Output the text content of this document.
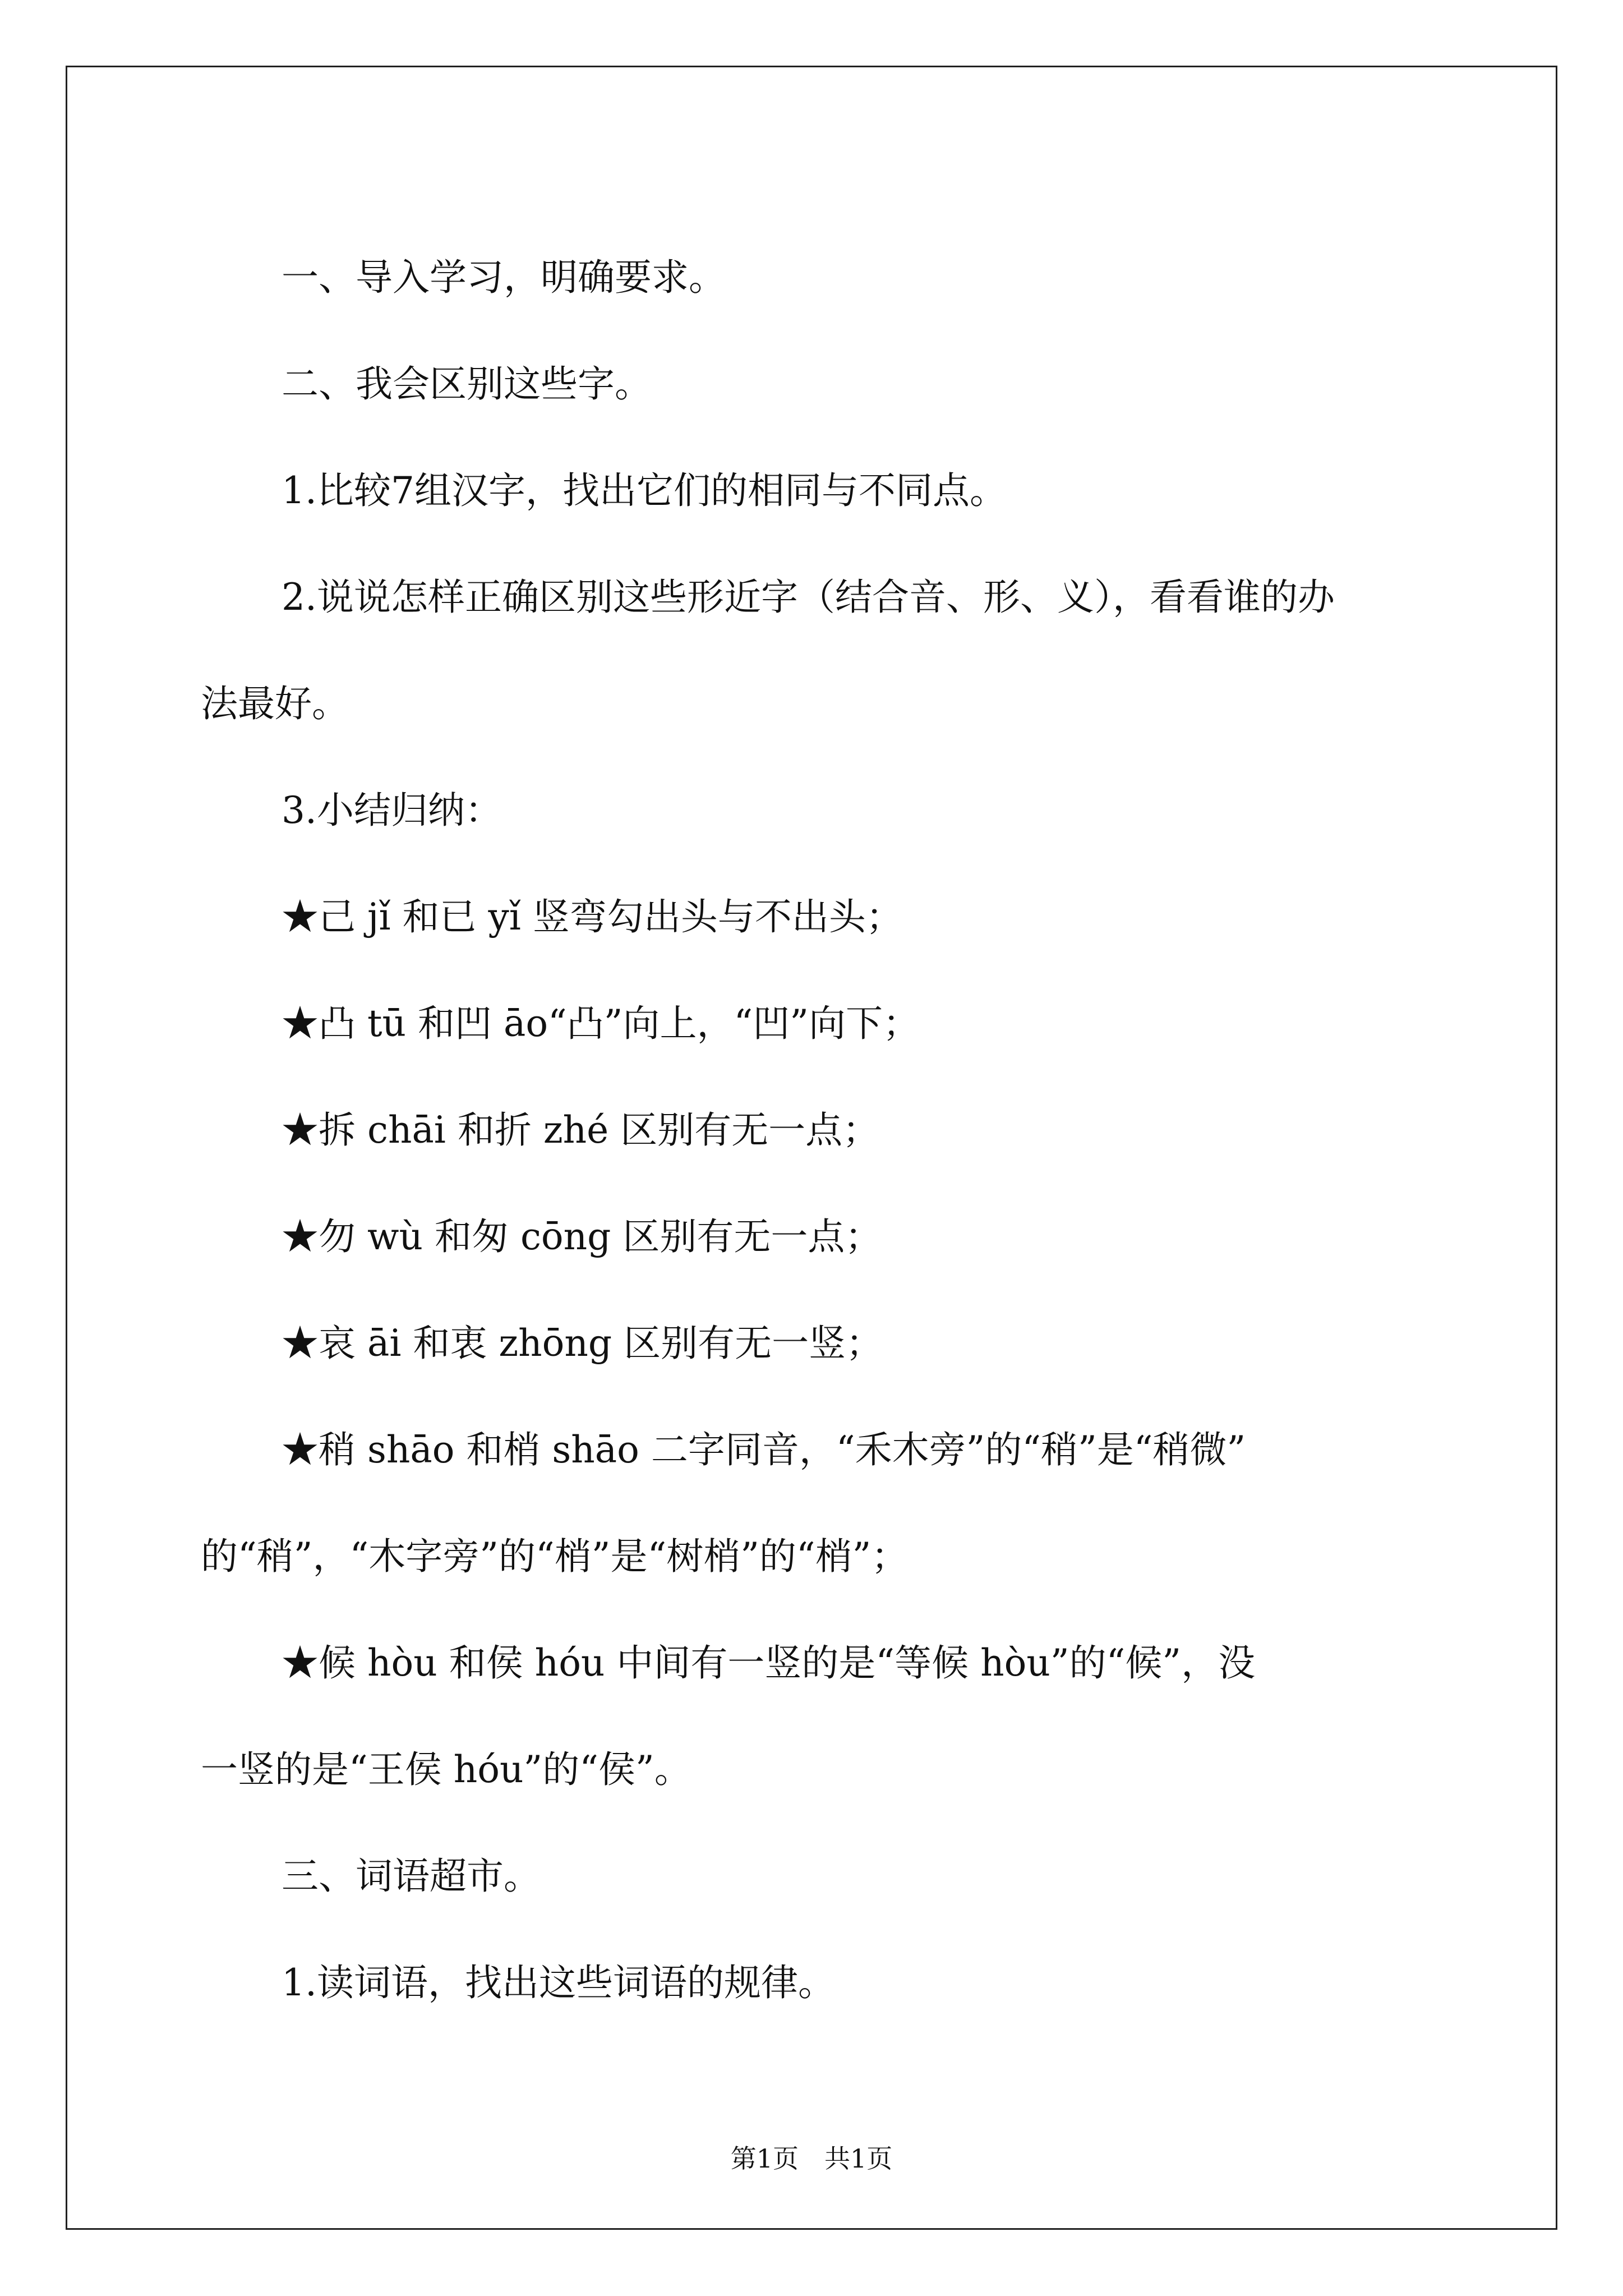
一、导入学习，明确要求。

二、我会区别这些字。

1.比较7组汉字，找出它们的相同与不同点。

2.说说怎样正确区别这些形近字（结合音、形、义），看看谁的办

法最好。

3.小结归纳：

★己 jǐ 和已 yǐ 竖弯勾出头与不出头；

★凸 tū 和凹 āo“凸”向上，“凹”向下；

★拆 chāi 和折 zhé 区别有无一点；

★勿 wù 和匆 cōng 区别有无一点；

★哀 āi 和衷 zhōng 区别有无一竖；

★稍 shāo 和梢 shāo 二字同音，“禾木旁”的“稍”是“稍微”

的“稍”，“木字旁”的“梢”是“树梢”的“梢”；

★候 hòu 和侯 hóu 中间有一竖的是“等候 hòu”的“候”，没

一竖的是“王侯 hóu”的“侯”。

三、词语超市。

1.读词语，找出这些词语的规律。

第1页　共1页
